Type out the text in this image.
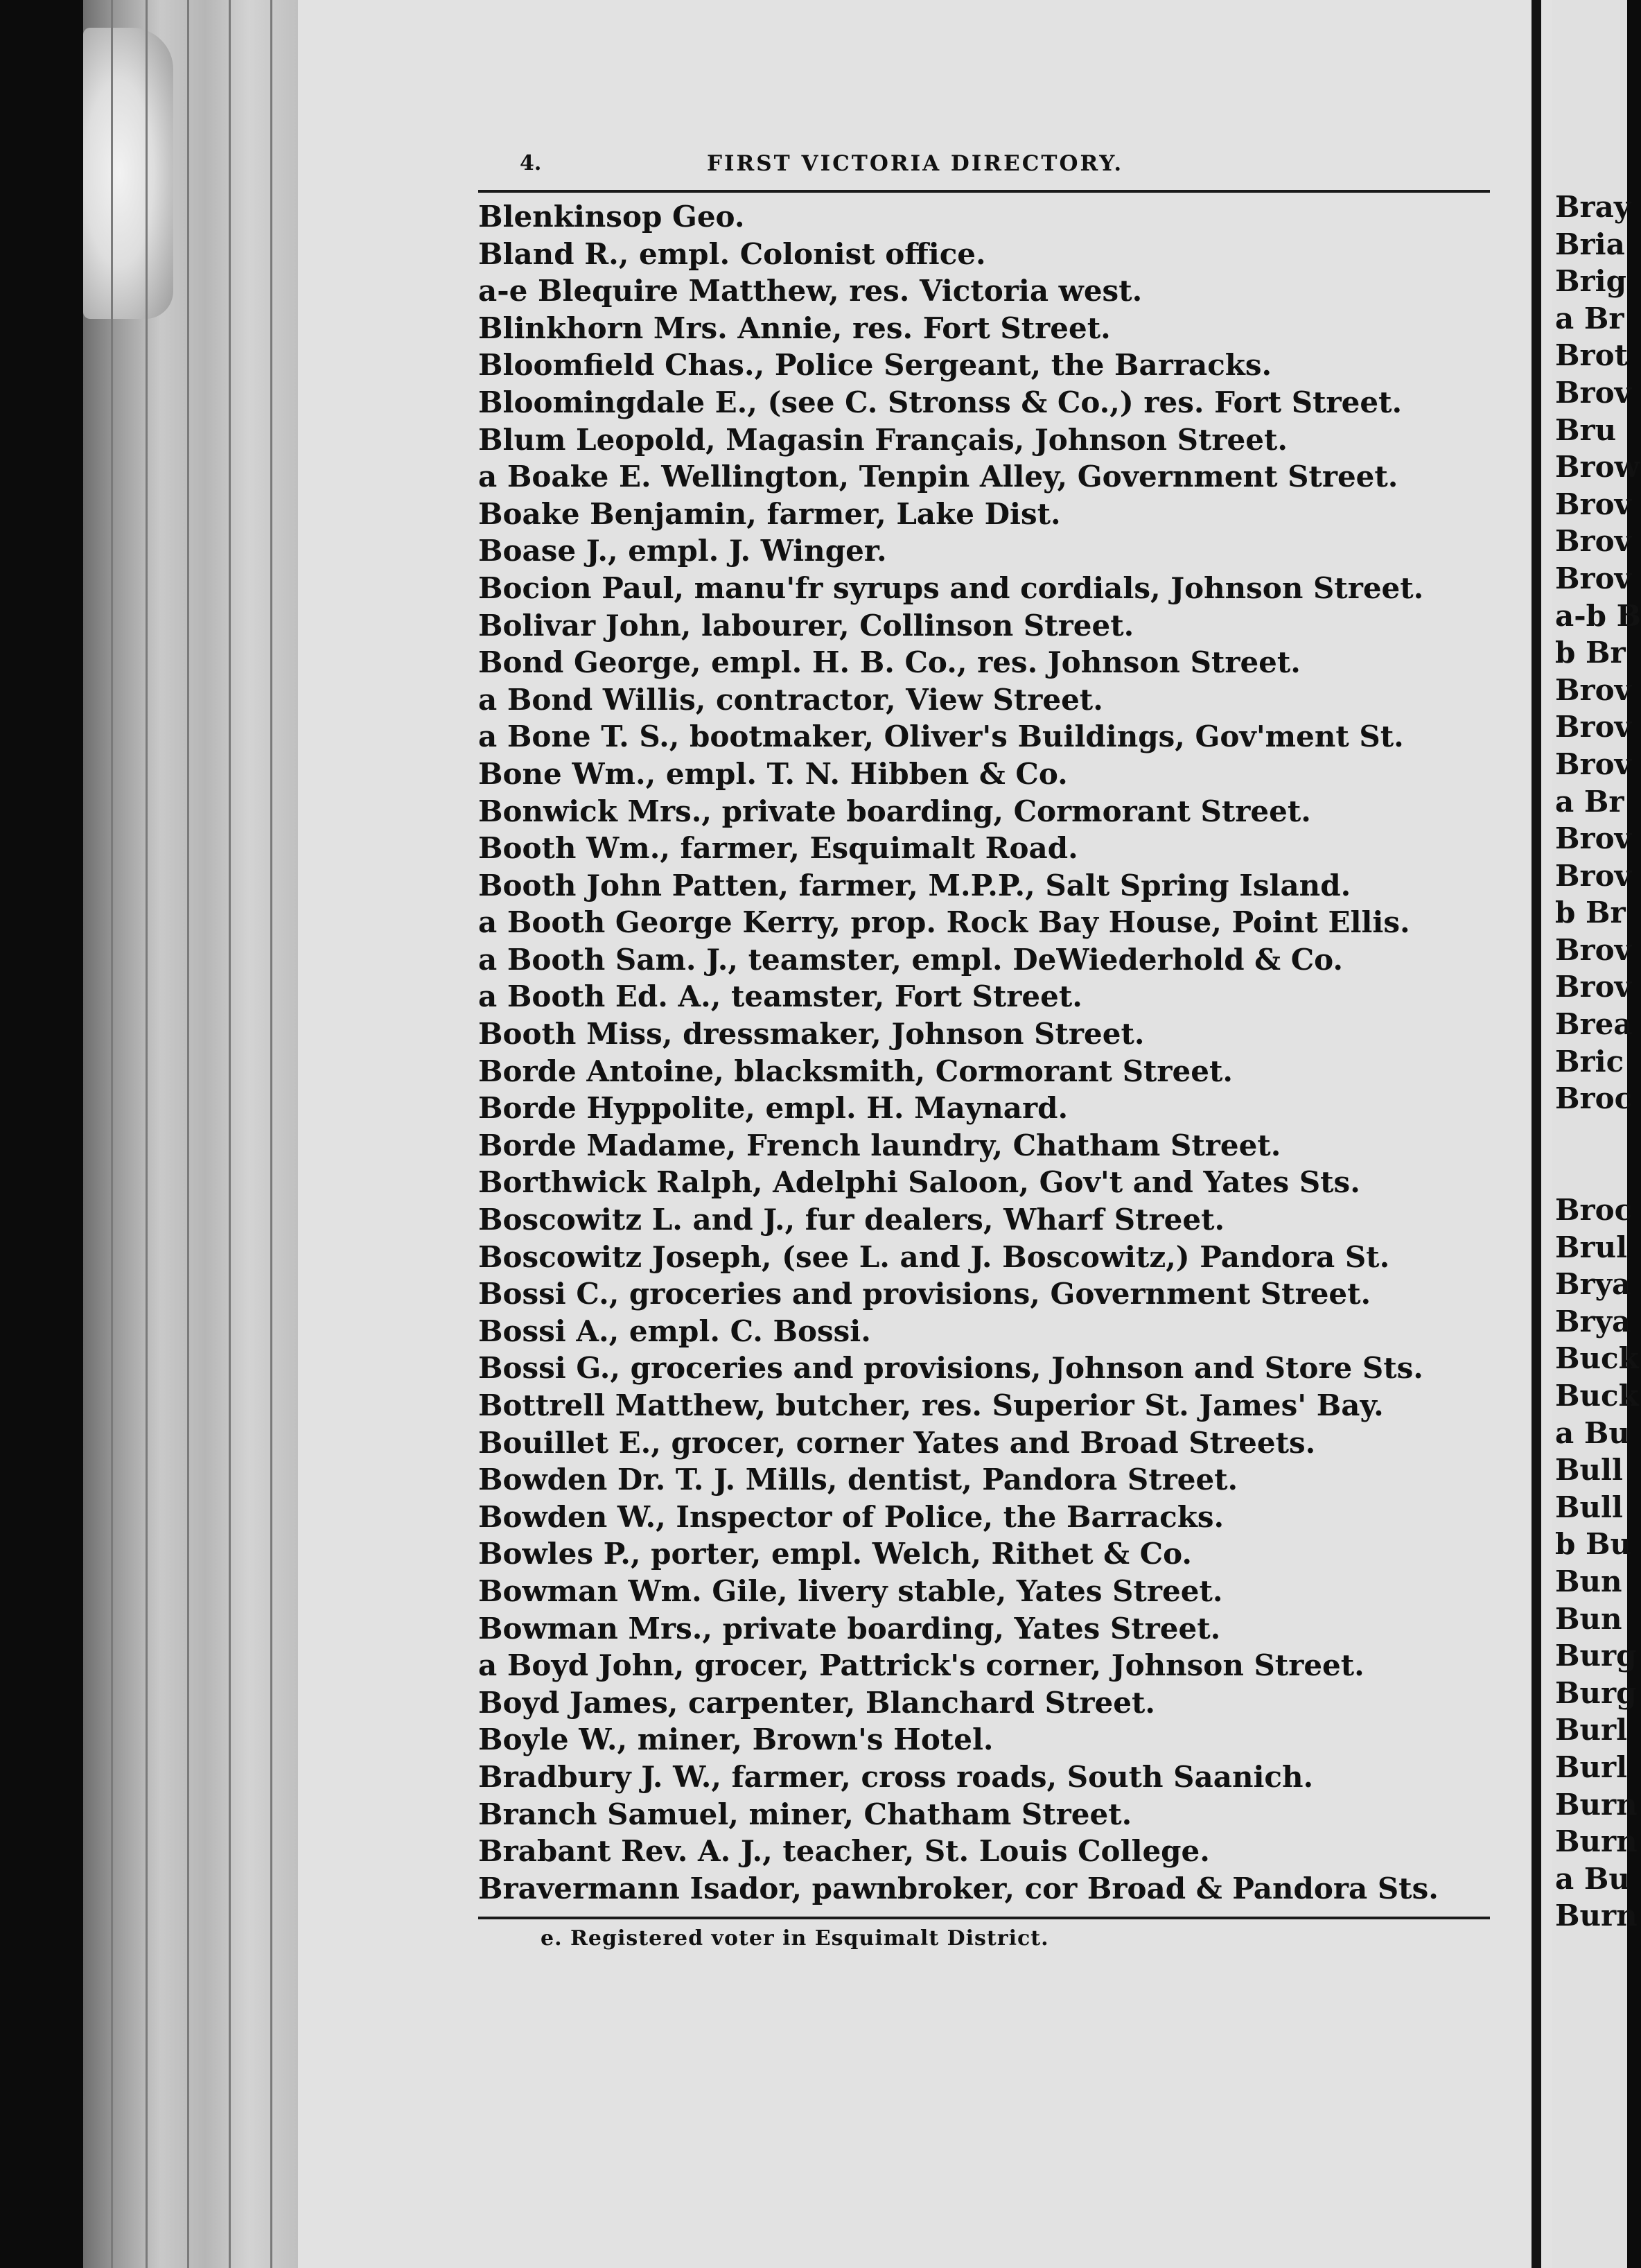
4.	FIRST VICTORIA DIRECTORY.
Blenkinsop Geo.
Bland R., empl. Colonist office.
a-e Blequire Matthew, res. Victoria west.
Blinkhorn Mrs. Annie, res. Fort Street.
Bloomfield Chas., Police Sergeant, the Barracks.
Bloomingdale E., (see C. Stronss & Co.,) res. Fort Street.
Blum Leopold, Magasin Français, Johnson Street.
a Boake E. Wellington, Tenpin Alley, Government Street.
Boake Benjamin, farmer, Lake Dist.
Boase J., empl. J. Winger.
Bocion Paul, manu'fr syrups and cordials, Johnson Street.
Bolivar John, labourer, Collinson Street.
Bond George, empl. H. B. Co., res. Johnson Street.
a Bond Willis, contractor, View Street.
a Bone T. S., bootmaker, Oliver's Buildings, Gov'ment St.
Bone Wm., empl. T. N. Hibben & Co.
Bonwick Mrs., private boarding, Cormorant Street.
Booth Wm., farmer, Esquimalt Road.
Booth John Patten, farmer, M.P.P., Salt Spring Island.
a Booth George Kerry, prop. Rock Bay House, Point Ellis.
a Booth Sam. J., teamster, empl. DeWiederhold & Co.
a Booth Ed. A., teamster, Fort Street.
Booth Miss, dressmaker, Johnson Street.
Borde Antoine, blacksmith, Cormorant Street.
Borde Hyppolite, empl. H. Maynard.
Borde Madame, French laundry, Chatham Street.
Borthwick Ralph, Adelphi Saloon, Gov't and Yates Sts.
Boscowitz L. and J., fur dealers, Wharf Street.
Boscowitz Joseph, (see L. and J. Boscowitz,) Pandora St.
Bossi C., groceries and provisions, Government Street.
Bossi A., empl. C. Bossi.
Bossi G., groceries and provisions, Johnson and Store Sts.
Bottrell Matthew, butcher, res. Superior St. James' Bay.
Bouillet E., grocer, corner Yates and Broad Streets.
Bowden Dr. T. J. Mills, dentist, Pandora Street.
Bowden W., Inspector of Police, the Barracks.
Bowles P., porter, empl. Welch, Rithet & Co.
Bowman Wm. Gile, livery stable, Yates Street.
Bowman Mrs., private boarding, Yates Street.
a Boyd John, grocer, Pattrick's corner, Johnson Street.
Boyd James, carpenter, Blanchard Street.
Boyle W., miner, Brown's Hotel.
Bradbury J. W., farmer, cross roads, South Saanich.
Branch Samuel, miner, Chatham Street.
Brabant Rev. A. J., teacher, St. Louis College.
Bravermann Isador, pawnbroker, cor Broad & Pandora Sts.
e. Registered voter in Esquimalt District.
Bray
Bria
Brig
a Br
Brot
Brov
Bru
Brow
Brov
Brov
Brov
a-b B
b Br
Brov
Brov
Brov
a Br
Brov
Brov
b Br
Brov
Brov
Brea
Bric
Broc
Broc
Brul
Brya
Brya
Buck
Buck
a Bu
Bull
Bull
b Bu
Bun
Bun
Burg
Burg
Burl
Burl
Burn
Burn
a Bu
Burn
